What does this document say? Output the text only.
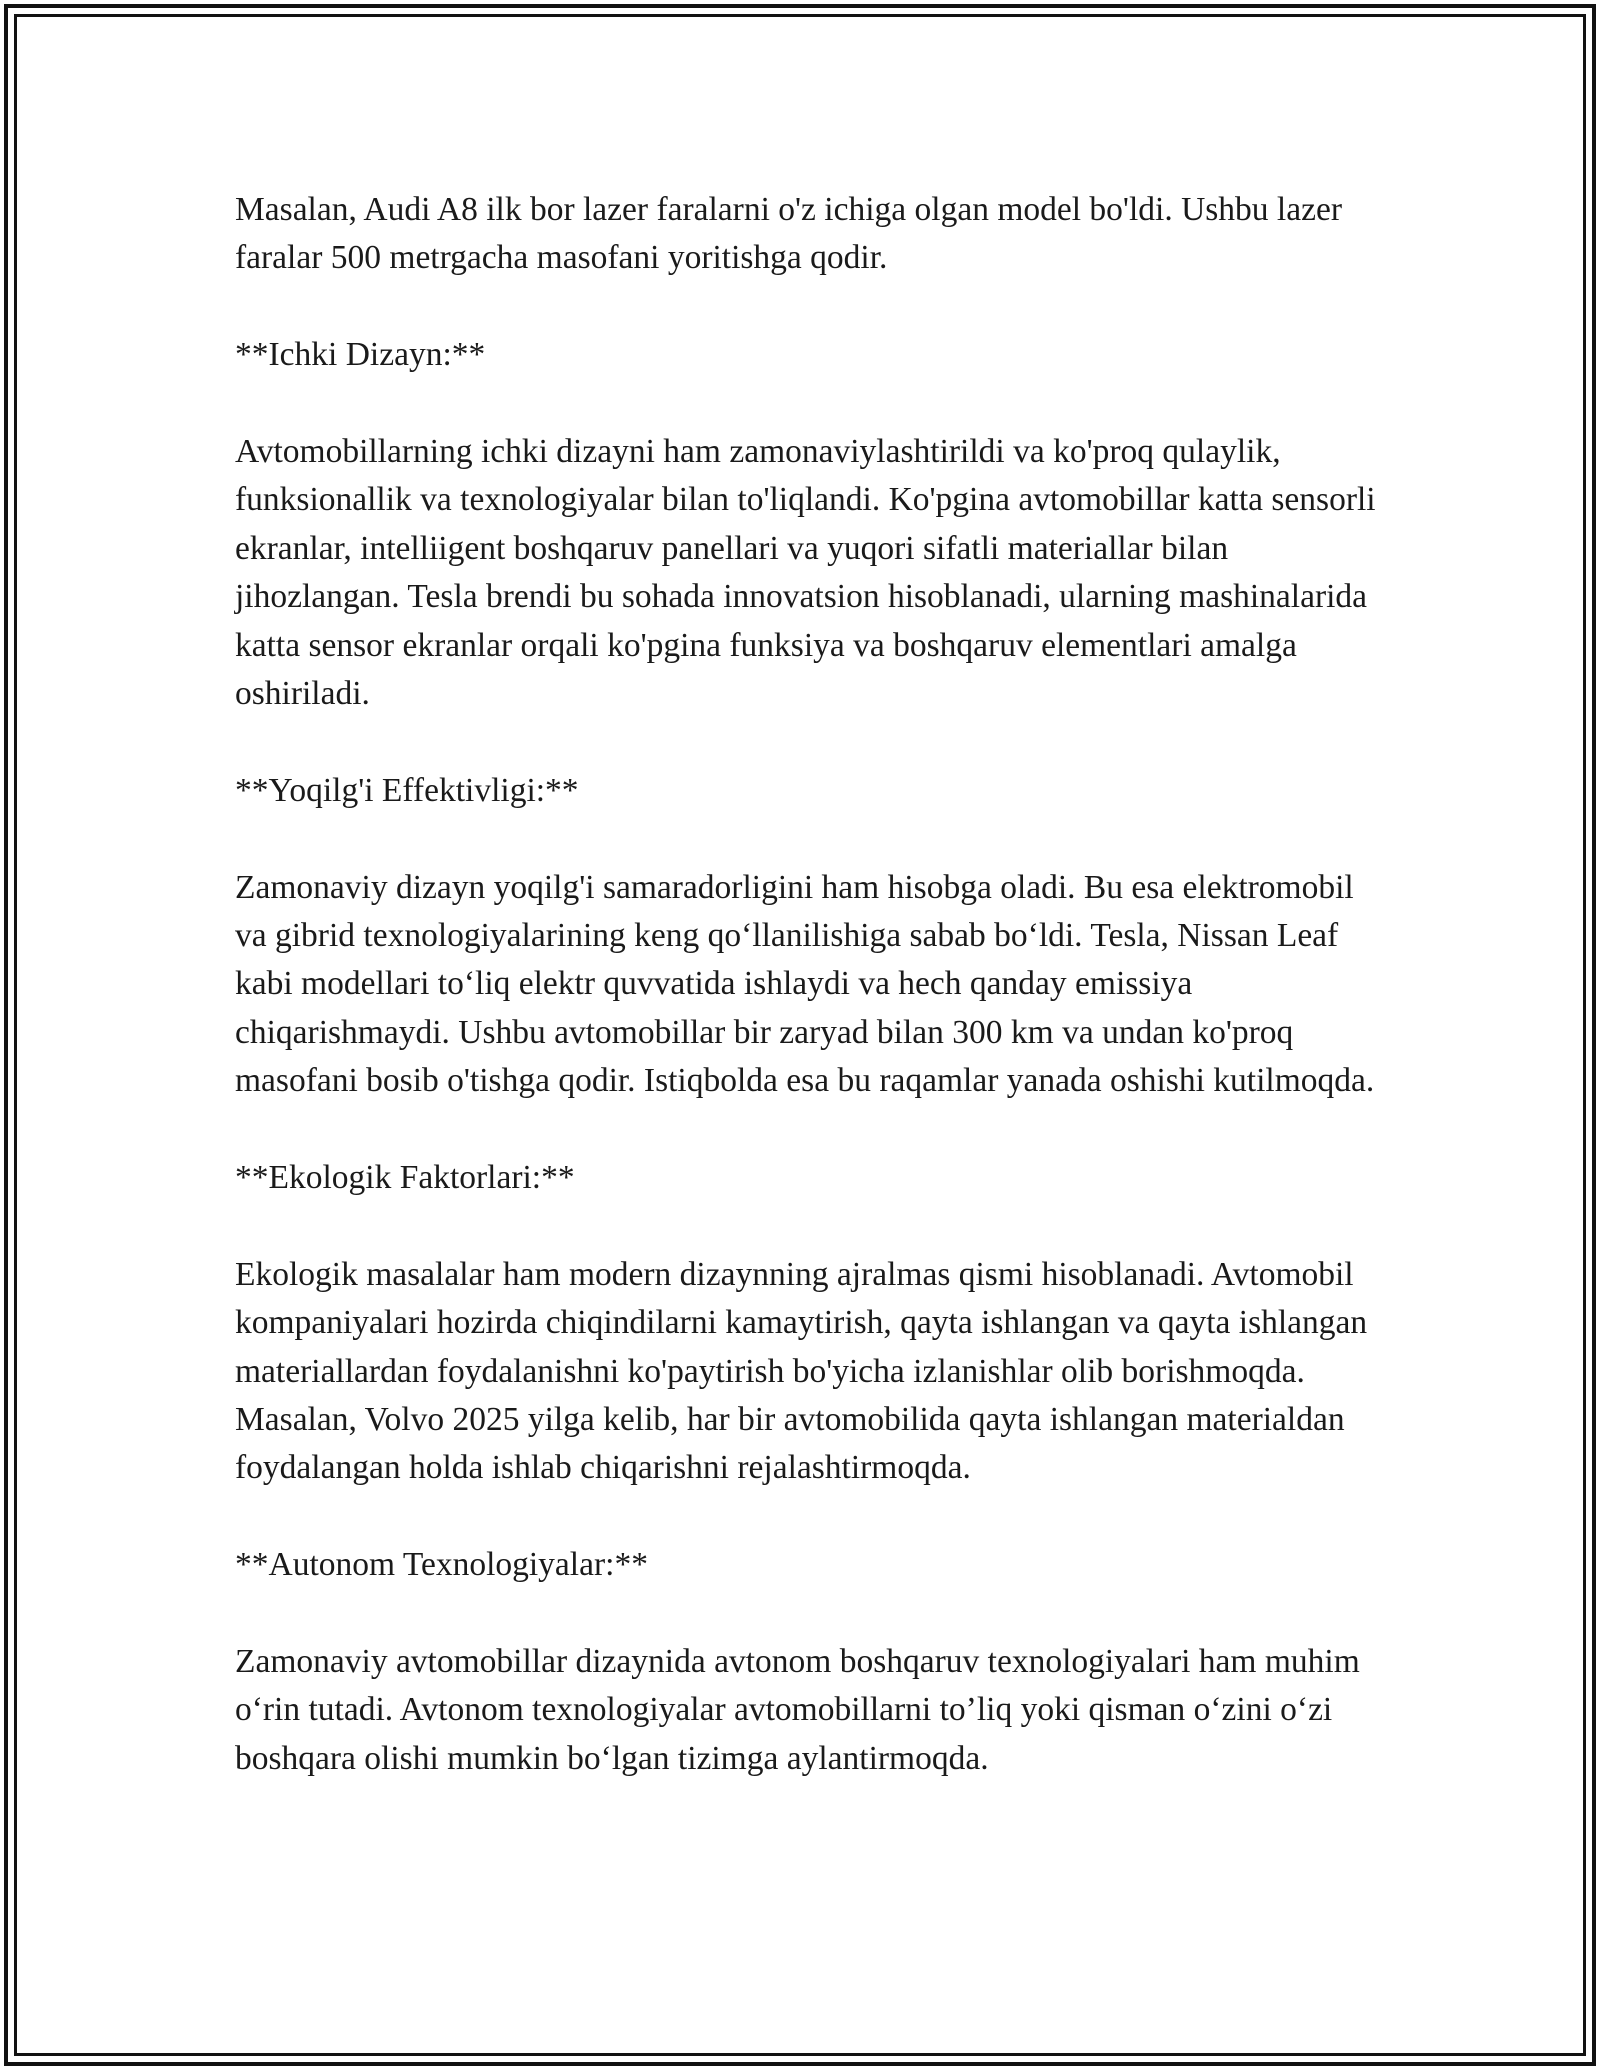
Masalan, Audi A8 ilk bor lazer faralarni o'z ichiga olgan model bo'ldi. Ushbu lazer faralar 500 metrgacha masofani yoritishga qodir.

**Ichki Dizayn:**

Avtomobillarning ichki dizayni ham zamonaviylashtirildi va ko'proq qulaylik, funksionallik va texnologiyalar bilan to'liqlandi. Ko'pgina avtomobillar katta sensorli ekranlar, intelliigent boshqaruv panellari va yuqori sifatli materiallar bilan jihozlangan. Tesla brendi bu sohada innovatsion hisoblanadi, ularning mashinalarida katta sensor ekranlar orqali ko'pgina funksiya va boshqaruv elementlari amalga oshiriladi.

**Yoqilg'i Effektivligi:**

Zamonaviy dizayn yoqilg'i samaradorligini ham hisobga oladi. Bu esa elektromobil va gibrid texnologiyalarining keng qo‘llanilishiga sabab bo‘ldi. Tesla, Nissan Leaf kabi modellari to‘liq elektr quvvatida ishlaydi va hech qanday emissiya chiqarishmaydi. Ushbu avtomobillar bir zaryad bilan 300 km va undan ko'proq masofani bosib o'tishga qodir. Istiqbolda esa bu raqamlar yanada oshishi kutilmoqda.

**Ekologik Faktorlari:**

Ekologik masalalar ham modern dizaynning ajralmas qismi hisoblanadi. Avtomobil kompaniyalari hozirda chiqindilarni kamaytirish, qayta ishlangan va qayta ishlangan materiallardan foydalanishni ko'paytirish bo'yicha izlanishlar olib borishmoqda. Masalan, Volvo 2025 yilga kelib, har bir avtomobilida qayta ishlangan materialdan foydalangan holda ishlab chiqarishni rejalashtirmoqda.

**Autonom Texnologiyalar:**

Zamonaviy avtomobillar dizaynida avtonom boshqaruv texnologiyalari ham muhim o‘rin tutadi. Avtonom texnologiyalar avtomobillarni to’liq yoki qisman o‘zini o‘zi boshqara olishi mumkin bo‘lgan tizimga aylantirmoqda.
